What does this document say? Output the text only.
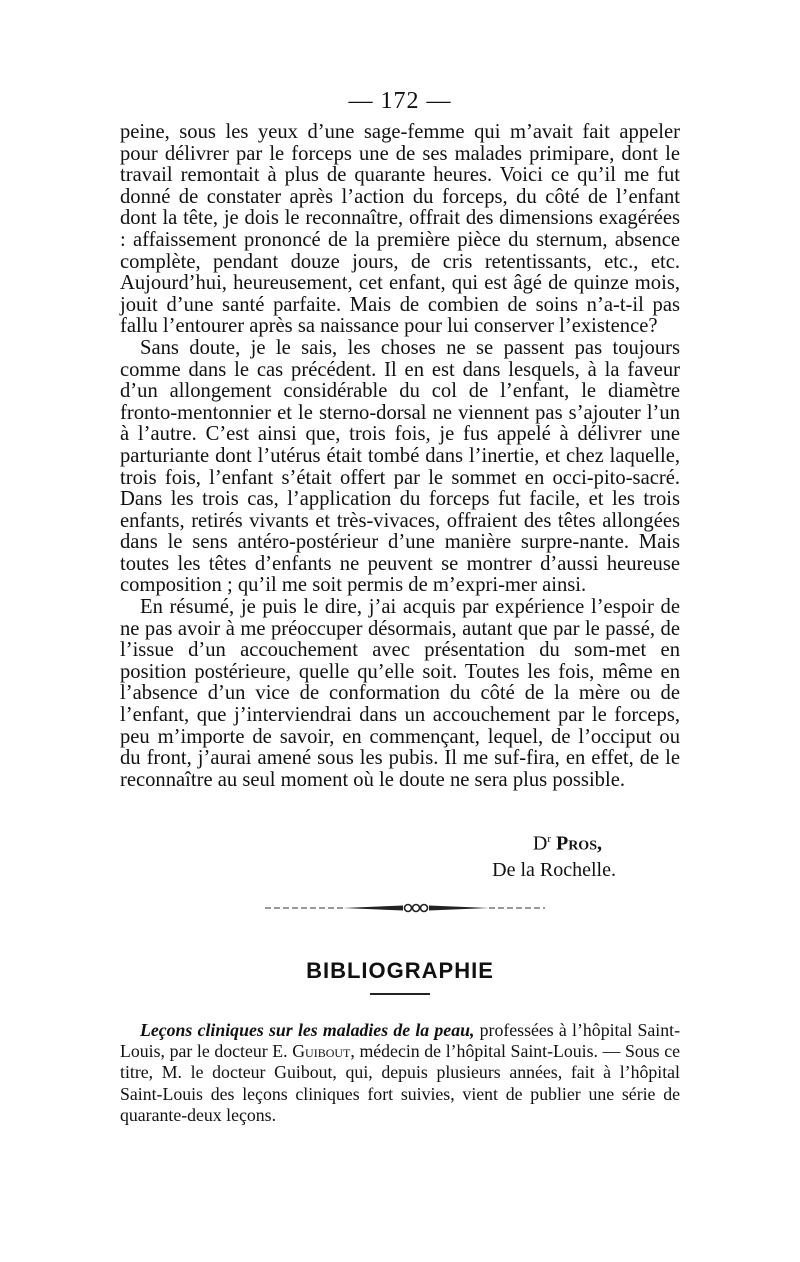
— 172 —

peine, sous les yeux d’une sage-femme qui m’avait fait appeler pour délivrer par le forceps une de ses malades primipare, dont le travail remontait à plus de quarante heures. Voici ce qu’il me fut donné de constater après l’action du forceps, du côté de l’enfant dont la tête, je dois le reconnaître, offrait des dimensions exagérées : affaissement prononcé de la première pièce du sternum, absence complète, pendant douze jours, de cris retentissants, etc., etc. Aujourd’hui, heureusement, cet enfant, qui est âgé de quinze mois, jouit d’une santé parfaite. Mais de combien de soins n’a-t-il pas fallu l’entourer après sa naissance pour lui conserver l’existence?

Sans doute, je le sais, les choses ne se passent pas toujours comme dans le cas précédent. Il en est dans lesquels, à la faveur d’un allongement considérable du col de l’enfant, le diamètre fronto-mentonnier et le sterno-dorsal ne viennent pas s’ajouter l’un à l’autre. C’est ainsi que, trois fois, je fus appelé à délivrer une parturiante dont l’utérus était tombé dans l’inertie, et chez laquelle, trois fois, l’enfant s’était offert par le sommet en occi-pito-sacré. Dans les trois cas, l’application du forceps fut facile, et les trois enfants, retirés vivants et très-vivaces, offraient des têtes allongées dans le sens antéro-postérieur d’une manière surpre-nante. Mais toutes les têtes d’enfants ne peuvent se montrer d’aussi heureuse composition ; qu’il me soit permis de m’expri-mer ainsi.

En résumé, je puis le dire, j’ai acquis par expérience l’espoir de ne pas avoir à me préoccuper désormais, autant que par le passé, de l’issue d’un accouchement avec présentation du som-met en position postérieure, quelle qu’elle soit. Toutes les fois, même en l’absence d’un vice de conformation du côté de la mère ou de l’enfant, que j’interviendrai dans un accouchement par le forceps, peu m’importe de savoir, en commençant, lequel, de l’occiput ou du front, j’aurai amené sous les pubis. Il me suf-fira, en effet, de le reconnaître au seul moment où le doute ne sera plus possible.

$D^r$ Pros,
De la Rochelle.
BIBLIOGRAPHIE

Leçons cliniques sur les maladies de la peau, professées à l’hôpital Saint-Louis, par le docteur E. Guibout, médecin de l’hôpital Saint-Louis. — Sous ce titre, M. le docteur Guibout, qui, depuis plusieurs années, fait à l’hôpital Saint-Louis des leçons cliniques fort suivies, vient de publier une série de quarante-deux leçons.
